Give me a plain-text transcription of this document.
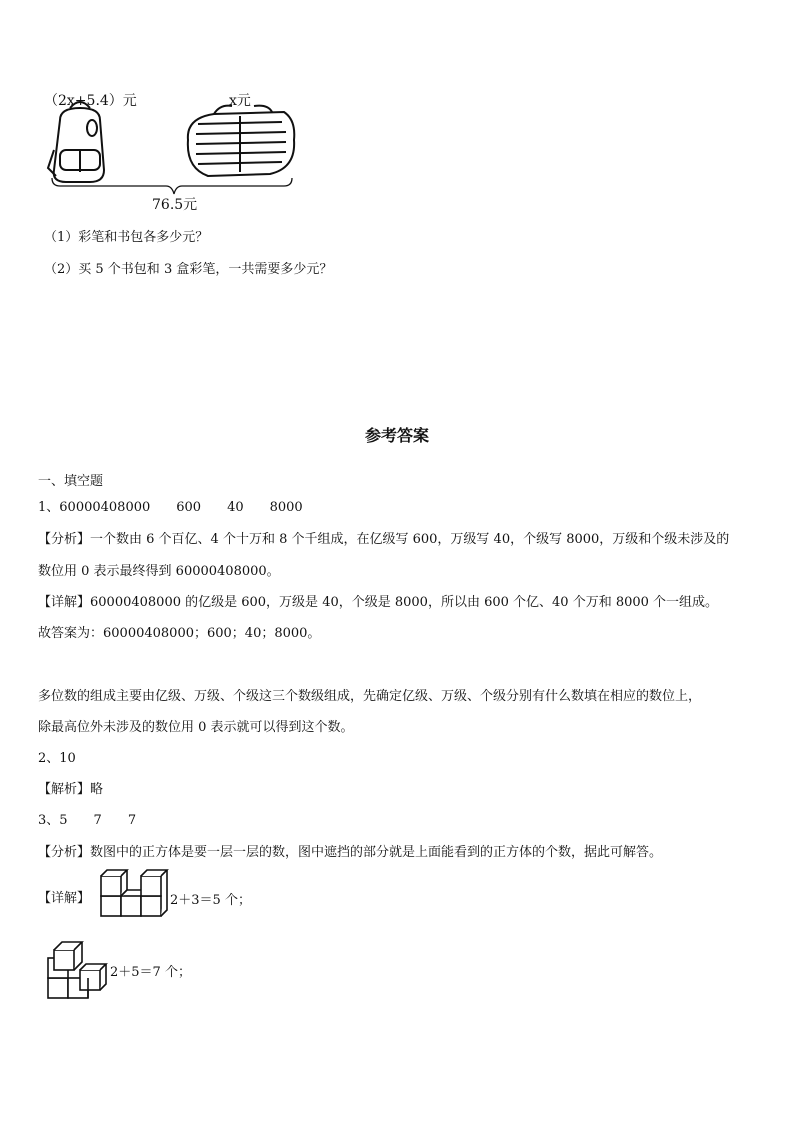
（2x+5.4）元	x元
76.5元
（1）彩笔和书包各多少元？
（2）买 5 个书包和 3 盒彩笔，一共需要多少元？
参考答案
一、填空题
1、60000408000　　600　　40　　8000
【分析】一个数由 6 个百亿、4 个十万和 8 个千组成，在亿级写 600，万级写 40，个级写 8000，万级和个级未涉及的
数位用 0 表示最终得到 60000408000。
【详解】60000408000 的亿级是 600，万级是 40，个级是 8000，所以由 600 个亿、40 个万和 8000 个一组成。
故答案为：60000408000；600；40；8000。
多位数的组成主要由亿级、万级、个级这三个数级组成，先确定亿级、万级、个级分别有什么数填在相应的数位上，
除最高位外未涉及的数位用 0 表示就可以得到这个数。
2、10
【解析】略
3、5　　7　　7
【分析】数图中的正方体是要一层一层的数，图中遮挡的部分就是上面能看到的正方体的个数，据此可解答。
【详解】	2＋3＝5 个；
2＋5＝7 个；
